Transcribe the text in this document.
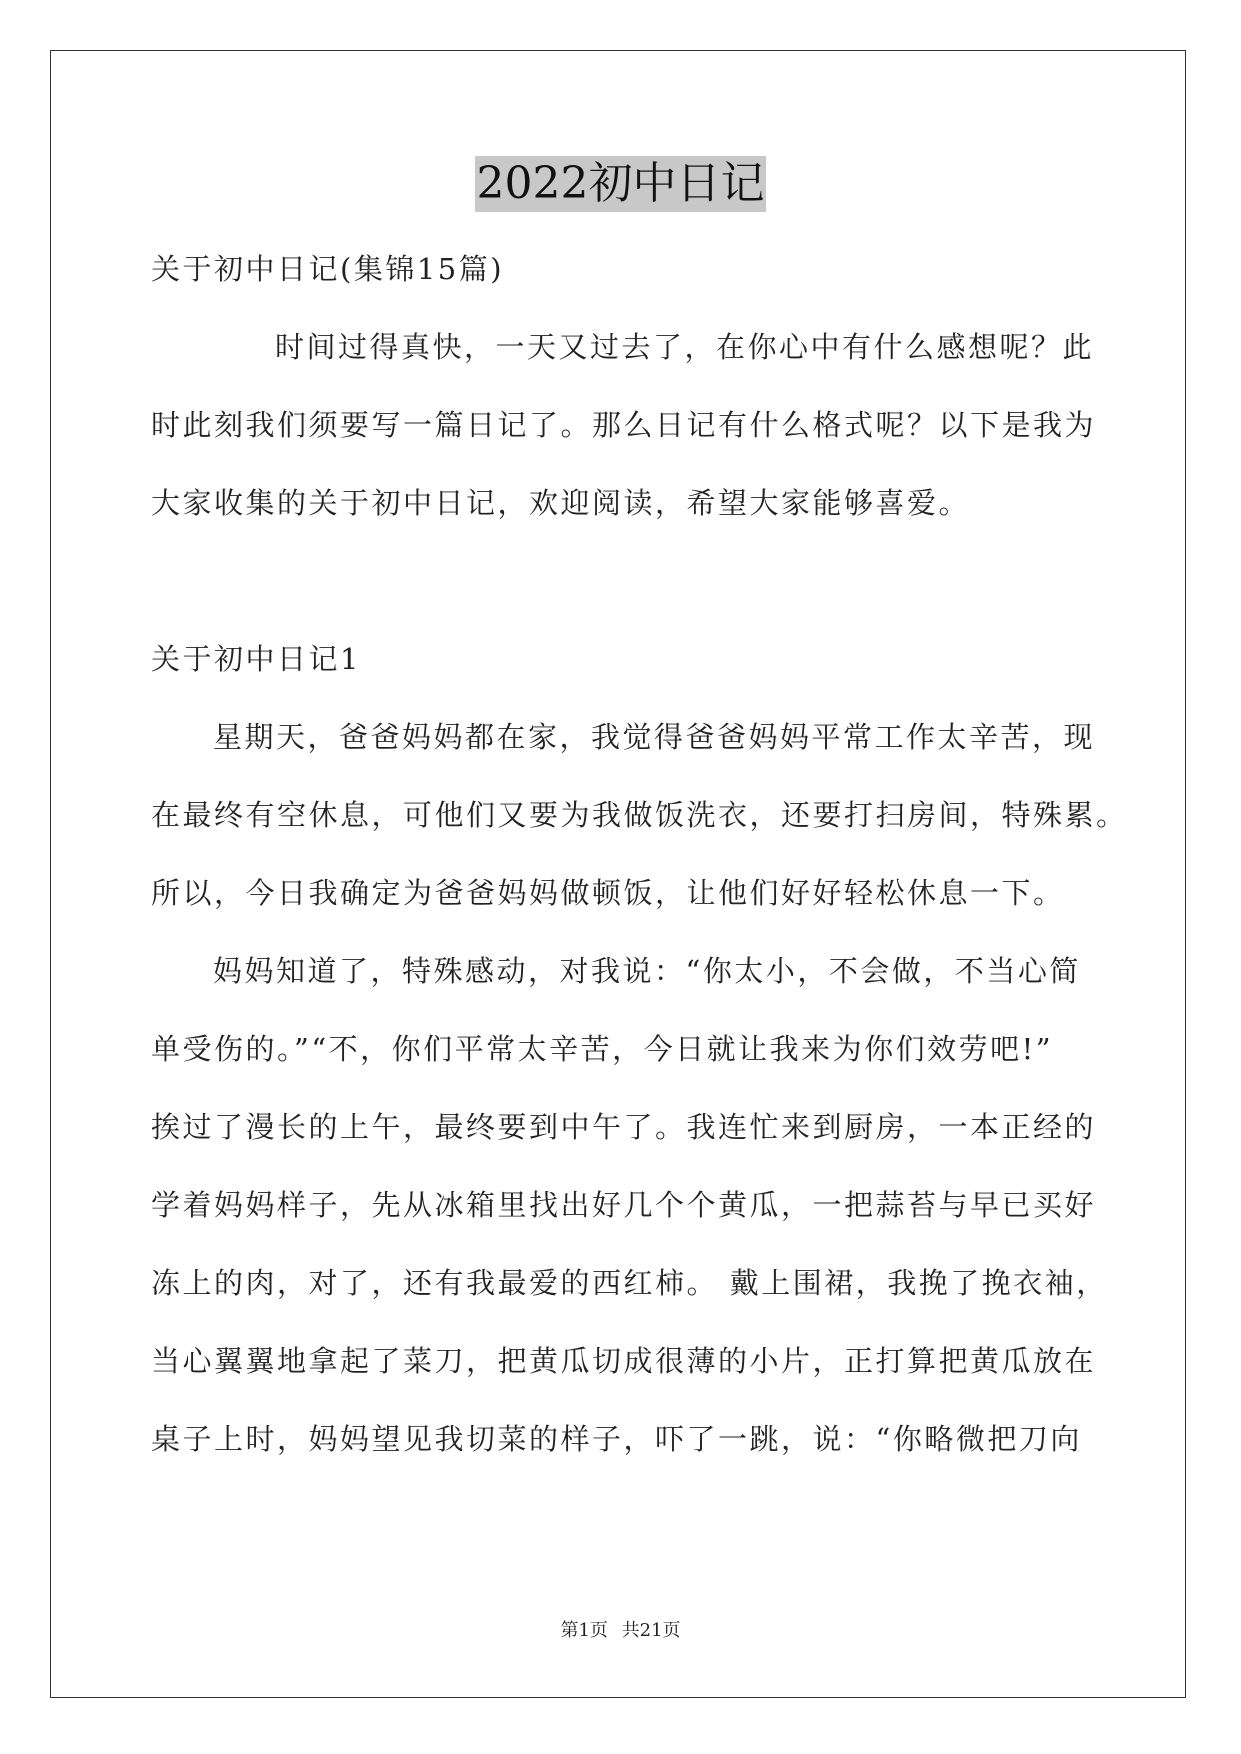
2022初中日记
关于初中日记(集锦15篇)
时间过得真快，一天又过去了，在你心中有什么感想呢？此
时此刻我们须要写一篇日记了。那么日记有什么格式呢？以下是我为
大家收集的关于初中日记，欢迎阅读，希望大家能够喜爱。
关于初中日记1
星期天，爸爸妈妈都在家，我觉得爸爸妈妈平常工作太辛苦，现
在最终有空休息，可他们又要为我做饭洗衣，还要打扫房间，特殊累。
所以，今日我确定为爸爸妈妈做顿饭，让他们好好轻松休息一下。
妈妈知道了，特殊感动，对我说：“你太小，不会做，不当心简
单受伤的。”“不，你们平常太辛苦，今日就让我来为你们效劳吧!”
挨过了漫长的上午，最终要到中午了。我连忙来到厨房，一本正经的
学着妈妈样子，先从冰箱里找出好几个个黄瓜，一把蒜苔与早已买好
冻上的肉，对了，还有我最爱的西红柿。 戴上围裙，我挽了挽衣袖，
当心翼翼地拿起了菜刀，把黄瓜切成很薄的小片，正打算把黄瓜放在
桌子上时，妈妈望见我切菜的样子，吓了一跳，说：“你略微把刀向
第1页 共21页
